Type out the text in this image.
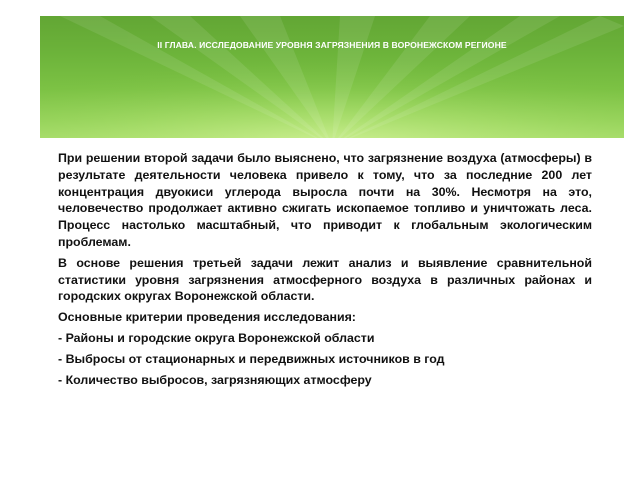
II ГЛАВА. ИССЛЕДОВАНИЕ УРОВНЯ ЗАГРЯЗНЕНИЯ В ВОРОНЕЖСКОМ РЕГИОНЕ

При решении второй задачи было выяснено, что загрязнение воздуха (атмосферы) в результате деятельности человека привело к тому, что за последние 200 лет концентрация двуокиси углерода выросла почти на 30%. Несмотря на это, человечество продолжает активно сжигать ископаемое топливо и уничтожать леса. Процесс настолько масштабный, что приводит к глобальным экологическим проблемам.

В основе решения третьей задачи лежит анализ и выявление сравнительной статистики уровня загрязнения атмосферного воздуха в различных районах и городских округах Воронежской области.

Основные критерии проведения исследования:

- Районы и городские округа Воронежской области

- Выбросы от стационарных и передвижных источников в год

- Количество выбросов, загрязняющих атмосферу
